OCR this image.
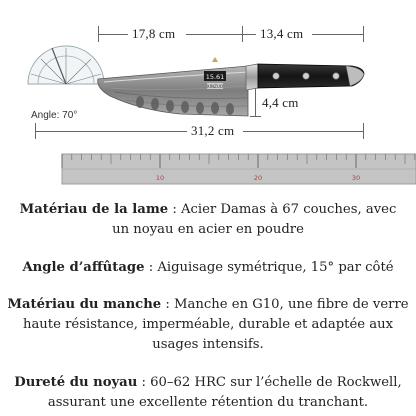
17,8 cm	13,4 cm
4,4 cm
31,2 cm
Angle: 70°
15.61
XINZUO
10	20	30
Matériau de la lame : Acier Damas à 67 couches, avec un noyau en acier en poudre
Angle d’affûtage : Aiguisage symétrique, 15° par côté
Matériau du manche : Manche en G10, une fibre de verre haute résistance, imperméable, durable et adaptée aux usages intensifs.
Dureté du noyau : 60–62 HRC sur l’échelle de Rockwell, assurant une excellente rétention du tranchant.
